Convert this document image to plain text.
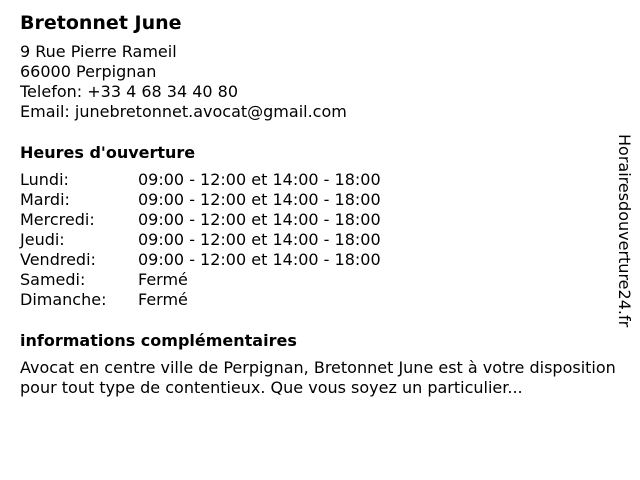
Bretonnet June
9 Rue Pierre Rameil
66000 Perpignan
Telefon: +33 4 68 34 40 80
Email: junebretonnet.avocat@gmail.com
Heures d'ouverture
Lundi:	09:00 - 12:00 et 14:00 - 18:00
Mardi:	09:00 - 12:00 et 14:00 - 18:00
Mercredi:	09:00 - 12:00 et 14:00 - 18:00
Jeudi:	09:00 - 12:00 et 14:00 - 18:00
Vendredi:	09:00 - 12:00 et 14:00 - 18:00
Samedi:	Fermé
Dimanche:	Fermé
informations complémentaires
Avocat en centre ville de Perpignan, Bretonnet June est à votre disposition pour tout type de contentieux. Que vous soyez un particulier...
Horairesdouverture24.fr
